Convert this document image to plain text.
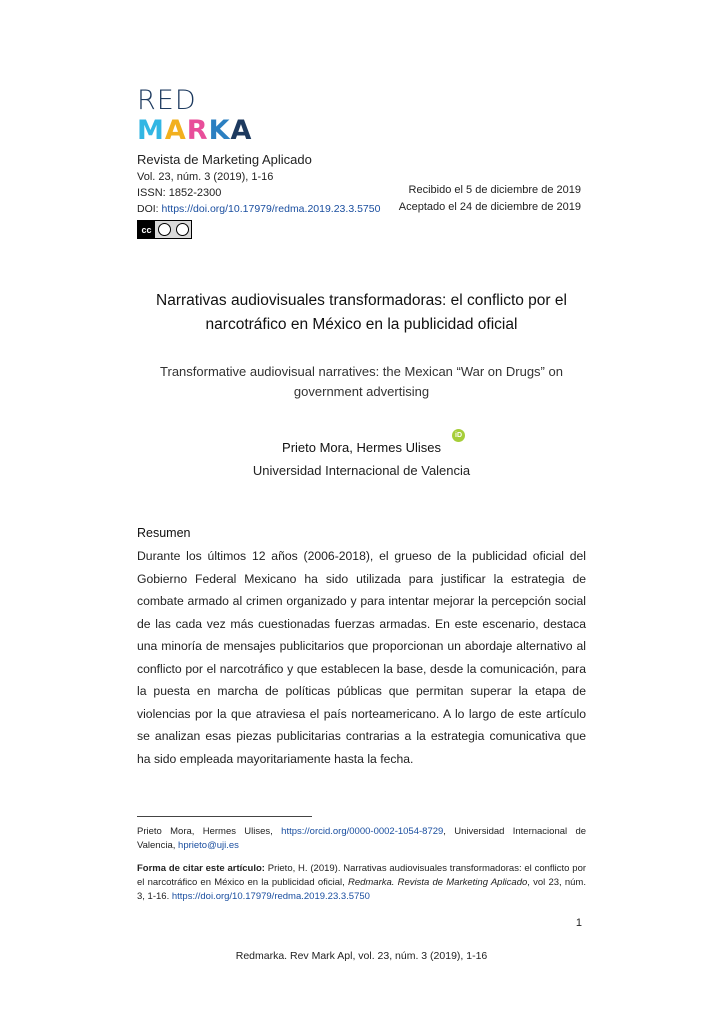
RED
MARKA
Revista de Marketing Aplicado
Vol. 23, núm. 3 (2019), 1-16
ISSN: 1852-2300
DOI: https://doi.org/10.17979/redma.2019.23.3.5750
cc
Recibido el 5 de diciembre de 2019
Aceptado el 24 de diciembre de 2019
Narrativas audiovisuales transformadoras: el conflicto por el
narcotráfico en México en la publicidad oficial
Transformative audiovisual narratives: the Mexican “War on Drugs” on
government advertising
Prieto Mora, Hermes Ulises
iD
Universidad Internacional de Valencia
Resumen

Durante los últimos 12 años (2006-2018), el grueso de la publicidad oficial del Gobierno Federal Mexicano ha sido utilizada para justificar la estrategia de combate armado al crimen organizado y para intentar mejorar la percepción social de las cada vez más cuestionadas fuerzas armadas. En este escenario, destaca una minoría de mensajes publicitarios que proporcionan un abordaje alternativo al conflicto por el narcotráfico y que establecen la base, desde la comunicación, para la puesta en marcha de políticas públicas que permitan superar la etapa de violencias por la que atraviesa el país norteamericano. A lo largo de este artículo se analizan esas piezas publicitarias contrarias a la estrategia comunicativa que ha sido empleada mayoritariamente hasta la fecha.

Prieto Mora, Hermes Ulises, https://orcid.org/0000-0002-1054-8729, Universidad Internacional de Valencia, hprieto@uji.es

Forma de citar este artículo: Prieto, H. (2019). Narrativas audiovisuales transformadoras: el conflicto por el narcotráfico en México en la publicidad oficial, Redmarka. Revista de Marketing Aplicado, vol 23, núm. 3, 1-16. https://doi.org/10.17979/redma.2019.23.3.5750

1
Redmarka. Rev Mark Apl, vol. 23, núm. 3 (2019), 1-16
